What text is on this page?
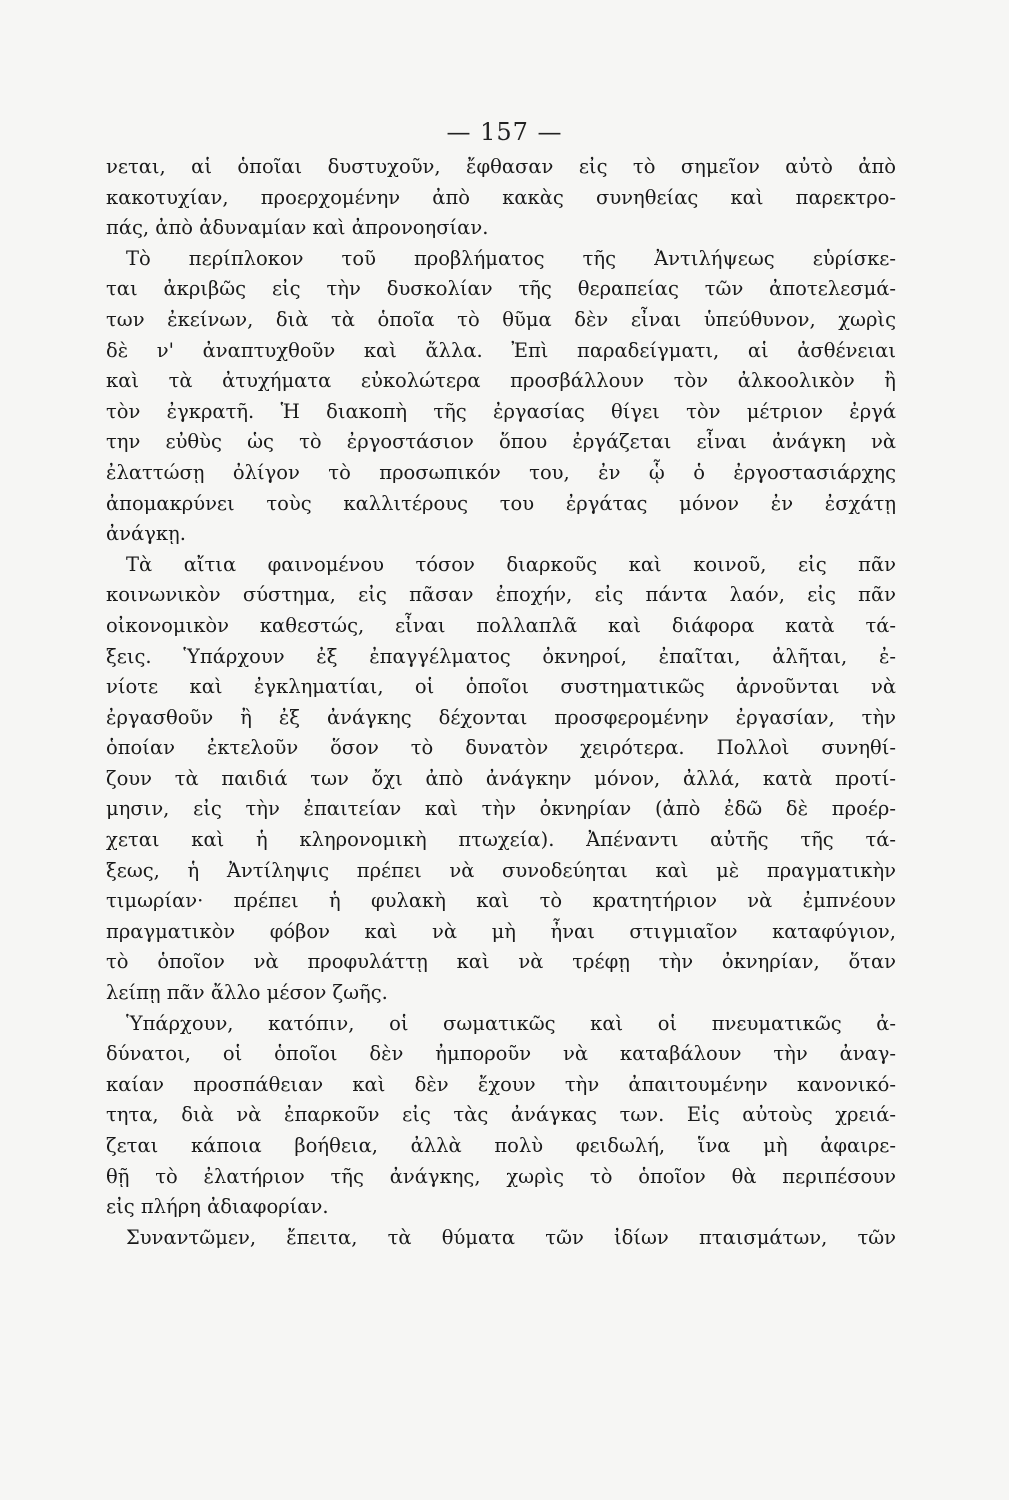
— 157 —
νεται, αἱ ὁποῖαι δυστυχοῦν, ἔφθασαν εἰς τὸ σημεῖον αὐτὸ ἀπὸ
κακοτυχίαν, προερχομένην ἀπὸ κακὰς συνηθείας καὶ παρεκτρο-
πάς, ἀπὸ ἀδυναμίαν καὶ ἀπρονοησίαν.
Τὸ περίπλοκον τοῦ προβλήματος τῆς Ἀντιλήψεως εὑρίσκε-
ται ἀκριβῶς εἰς τὴν δυσκολίαν τῆς θεραπείας τῶν ἀποτελεσμά-
των ἐκείνων, διὰ τὰ ὁποῖα τὸ θῦμα δὲν εἶναι ὑπεύθυνον, χωρὶς
δὲ ν' ἀναπτυχθοῦν καὶ ἄλλα. Ἐπὶ παραδείγματι, αἱ ἀσθένειαι
καὶ τὰ ἀτυχήματα εὐκολώτερα προσβάλλουν τὸν ἀλκοολικὸν ἢ
τὸν ἐγκρατῆ. Ἡ διακοπὴ τῆς ἐργασίας θίγει τὸν μέτριον ἐργά
την εὐθὺς ὡς τὸ ἐργοστάσιον ὅπου ἐργάζεται εἶναι ἀνάγκη νὰ
ἐλαττώσῃ ὀλίγον τὸ προσωπικόν του, ἐν ᾧ ὁ ἐργοστασιάρχης
ἀπομακρύνει τοὺς καλλιτέρους του ἐργάτας μόνον ἐν ἐσχάτῃ
ἀνάγκῃ.
Τὰ αἴτια φαινομένου τόσον διαρκοῦς καὶ κοινοῦ, εἰς πᾶν
κοινωνικὸν σύστημα, εἰς πᾶσαν ἐποχήν, εἰς πάντα λαόν, εἰς πᾶν
οἰκονομικὸν καθεστώς, εἶναι πολλαπλᾶ καὶ διάφορα κατὰ τά-
ξεις. Ὑπάρχουν ἐξ ἐπαγγέλματος ὀκνηροί, ἐπαῖται, ἀλῆται, ἐ-
νίοτε καὶ ἐγκληματίαι, οἱ ὁποῖοι συστηματικῶς ἀρνοῦνται νὰ
ἐργασθοῦν ἢ ἐξ ἀνάγκης δέχονται προσφερομένην ἐργασίαν, τὴν
ὁποίαν ἐκτελοῦν ὅσον τὸ δυνατὸν χειρότερα. Πολλοὶ συνηθί-
ζουν τὰ παιδιά των ὄχι ἀπὸ ἀνάγκην μόνον, ἀλλά, κατὰ προτί-
μησιν, εἰς τὴν ἐπαιτείαν καὶ τὴν ὀκνηρίαν (ἀπὸ ἐδῶ δὲ προέρ-
χεται καὶ ἡ κληρονομικὴ πτωχεία). Ἀπέναντι αὐτῆς τῆς τά-
ξεως, ἡ Ἀντίληψις πρέπει νὰ συνοδεύηται καὶ μὲ πραγματικὴν
τιμωρίαν· πρέπει ἡ φυλακὴ καὶ τὸ κρατητήριον νὰ ἐμπνέουν
πραγματικὸν φόβον καὶ νὰ μὴ ἦναι στιγμιαῖον καταφύγιον,
τὸ ὁποῖον νὰ προφυλάττῃ καὶ νὰ τρέφῃ τὴν ὀκνηρίαν, ὅταν
λείπῃ πᾶν ἄλλο μέσον ζωῆς.
Ὑπάρχουν, κατόπιν, οἱ σωματικῶς καὶ οἱ πνευματικῶς ἀ-
δύνατοι, οἱ ὁποῖοι δὲν ἠμποροῦν νὰ καταβάλουν τὴν ἀναγ-
καίαν προσπάθειαν καὶ δὲν ἔχουν τὴν ἀπαιτουμένην κανονικό-
τητα, διὰ νὰ ἐπαρκοῦν εἰς τὰς ἀνάγκας των. Εἰς αὐτοὺς χρειά-
ζεται κάποια βοήθεια, ἀλλὰ πολὺ φειδωλή, ἵνα μὴ ἀφαιρε-
θῇ τὸ ἐλατήριον τῆς ἀνάγκης, χωρὶς τὸ ὁποῖον θὰ περιπέσουν
εἰς πλήρη ἀδιαφορίαν.
Συναντῶμεν, ἔπειτα, τὰ θύματα τῶν ἰδίων πταισμάτων, τῶν
